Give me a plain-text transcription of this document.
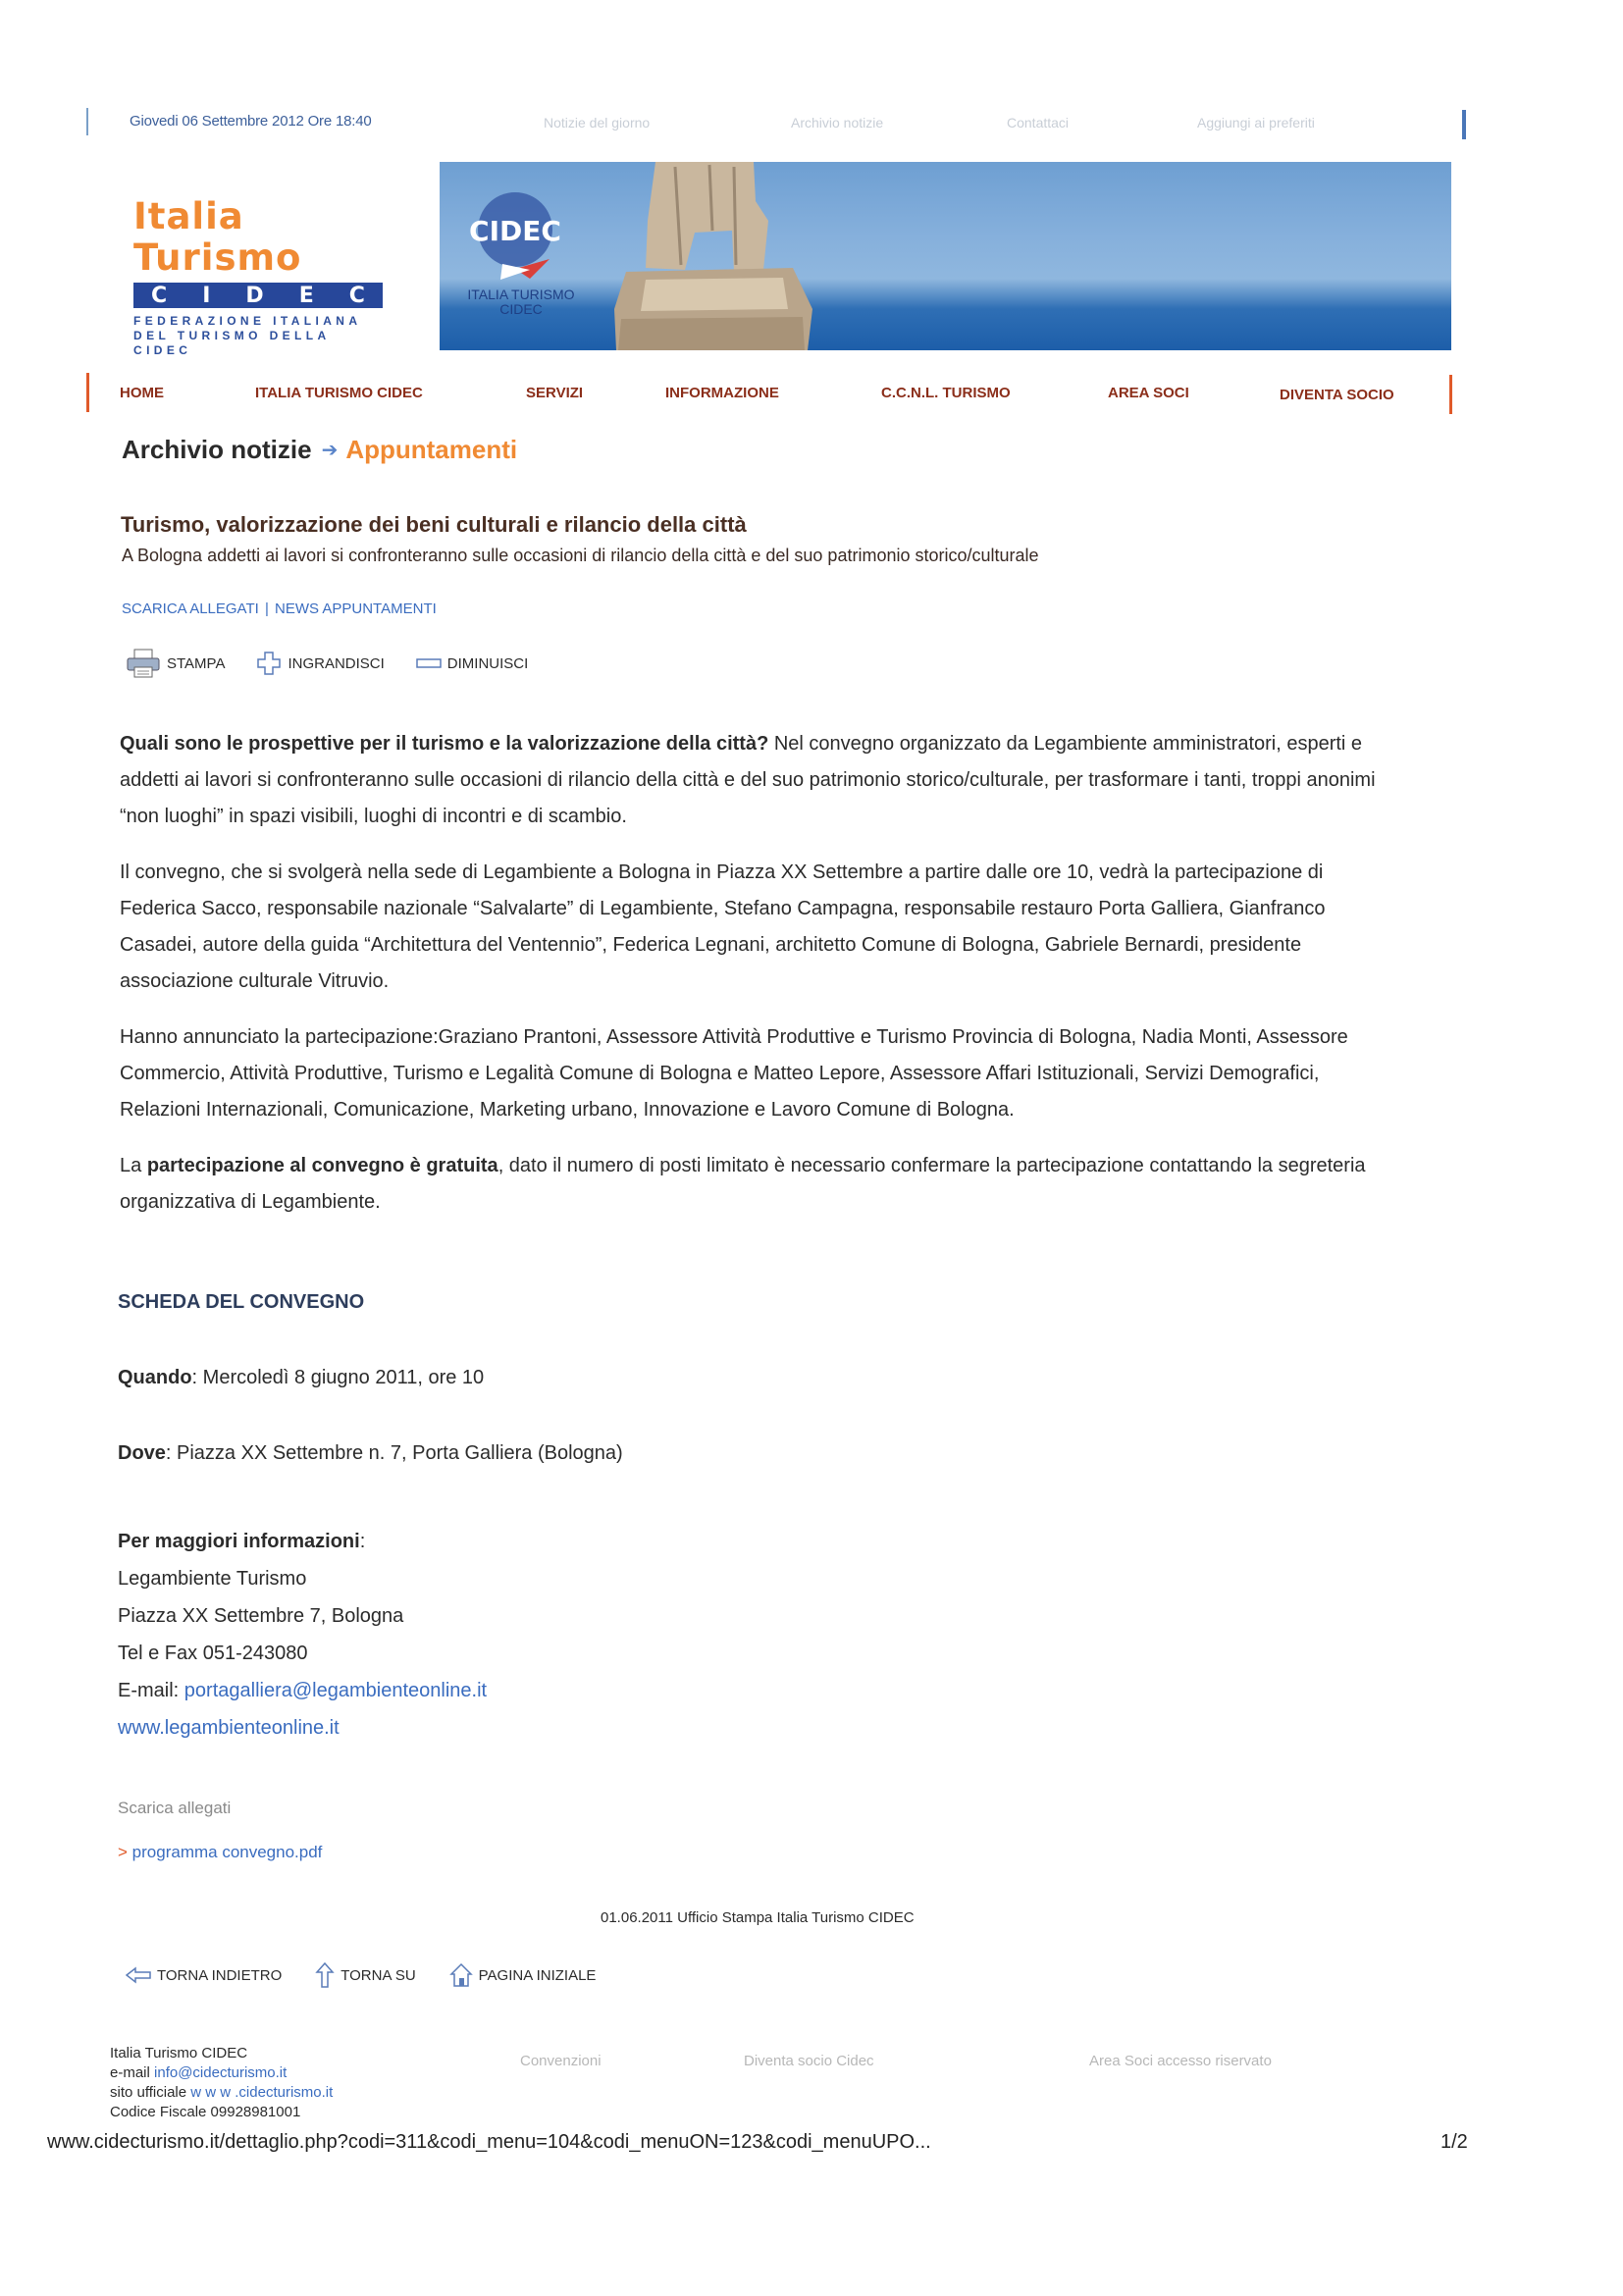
Giovedi 06 Settembre 2012 Ore 18:40	Notizie del giorno	Archivio notizie	Contattaci	Aggiungi ai preferiti
Italia Turismo
C I D E C
FEDERAZIONE ITALIANA
DEL TURISMO DELLA CIDEC
CIDEC
ITALIA TURISMO CIDEC
HOME	ITALIA TURISMO CIDEC	SERVIZI	INFORMAZIONE	C.C.N.L. TURISMO	AREA SOCI	DIVENTA SOCIO
Archivio notizie ➔ Appuntamenti
Turismo, valorizzazione dei beni culturali e rilancio della città
A Bologna addetti ai lavori si confronteranno sulle occasioni di rilancio della città e del suo patrimonio storico/culturale
SCARICA ALLEGATI | NEWS APPUNTAMENTI
STAMPA	INGRANDISCI	DIMINUISCI

Quali sono le prospettive per il turismo e la valorizzazione della città? Nel convegno organizzato da Legambiente amministratori, esperti e addetti ai lavori si confronteranno sulle occasioni di rilancio della città e del suo patrimonio storico/culturale, per trasformare i tanti, troppi anonimi “non luoghi” in spazi visibili, luoghi di incontri e di scambio.

Il convegno, che si svolgerà nella sede di Legambiente a Bologna in Piazza XX Settembre a partire dalle ore 10, vedrà la partecipazione di Federica Sacco, responsabile nazionale “Salvalarte” di Legambiente, Stefano Campagna, responsabile restauro Porta Galliera, Gianfranco Casadei, autore della guida “Architettura del Ventennio”, Federica Legnani, architetto Comune di Bologna, Gabriele Bernardi, presidente associazione culturale Vitruvio.

Hanno annunciato la partecipazione:Graziano Prantoni, Assessore Attività Produttive e Turismo Provincia di Bologna, Nadia Monti, Assessore Commercio, Attività Produttive, Turismo e Legalità Comune di Bologna e Matteo Lepore, Assessore Affari Istituzionali, Servizi Demografici, Relazioni Internazionali, Comunicazione, Marketing urbano, Innovazione e Lavoro Comune di Bologna.

La partecipazione al convegno è gratuita, dato il numero di posti limitato è necessario confermare la partecipazione contattando la segreteria organizzativa di Legambiente.

SCHEDA DEL CONVEGNO
Quando: Mercoledì 8 giugno 2011, ore 10
Dove: Piazza XX Settembre n. 7, Porta Galliera (Bologna)
Per maggiori informazioni:
Legambiente Turismo
Piazza XX Settembre 7, Bologna
Tel e Fax 051-243080
E-mail: portagalliera@legambienteonline.it
www.legambienteonline.it
Scarica allegati
> programma convegno.pdf
01.06.2011 Ufficio Stampa Italia Turismo CIDEC
TORNA INDIETRO	TORNA SU	PAGINA INIZIALE
Italia Turismo CIDEC
e-mail info@cidecturismo.it
sito ufficiale w w w .cidecturismo.it
Codice Fiscale 09928981001
Convenzioni	Diventa socio Cidec	Area Soci accesso riservato
www.cidecturismo.it/dettaglio.php?codi=311&codi_menu=104&codi_menuON=123&codi_menuUPO...	1/2
